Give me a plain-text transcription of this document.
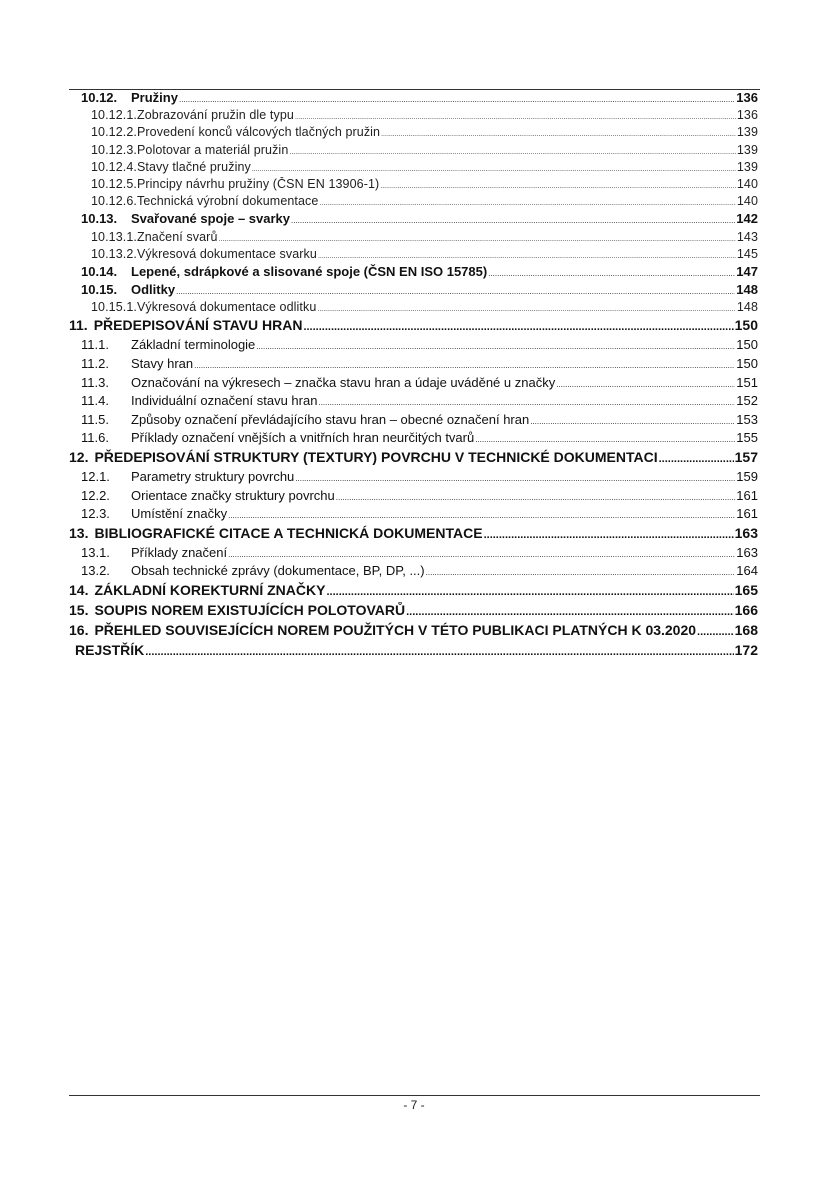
10.12.	Pružiny .....	136
10.12.1. Zobrazování pružin dle typu .....	136
10.12.2. Provedení konců válcových tlačných pružin .....	139
10.12.3. Polotovar a materiál pružin .....	139
10.12.4. Stavy tlačné pružiny .....	139
10.12.5. Principy návrhu pružiny (ČSN EN 13906-1) .....	140
10.12.6. Technická výrobní dokumentace .....	140
10.13.	Svařované spoje – svarky .....	142
10.13.1. Značení svarů .....	143
10.13.2. Výkresová dokumentace svarku .....	145
10.14.	Lepené, sdrápkové a slisované spoje (ČSN EN ISO 15785) .....	147
10.15.	Odlitky .....	148
10.15.1. Výkresová dokumentace odlitku .....	148
11. PŘEDEPISOVÁNÍ STAVU HRAN .....	150
11.1.	Základní terminologie .....	150
11.2.	Stavy hran .....	150
11.3.	Označování na výkresech – značka stavu hran a údaje uváděné u značky .....	151
11.4.	Individuální označení stavu hran .....	152
11.5.	Způsoby označení převládajícího stavu hran – obecné označení hran .....	153
11.6.	Příklady označení vnějších a vnitřních hran neurčitých tvarů .....	155
12. PŘEDEPISOVÁNÍ STRUKTURY (TEXTURY) POVRCHU V TECHNICKÉ DOKUMENTACI .....	157
12.1.	Parametry struktury povrchu .....	159
12.2.	Orientace značky struktury povrchu .....	161
12.3.	Umístění značky .....	161
13. BIBLIOGRAFICKÉ CITACE A TECHNICKÁ DOKUMENTACE .....	163
13.1.	Příklady značení .....	163
13.2.	Obsah technické zprávy (dokumentace, BP, DP, ...) .....	164
14. ZÁKLADNÍ KOREKTURNÍ ZNAČKY .....	165
15. SOUPIS NOREM EXISTUJÍCÍCH POLOTOVARŮ .....	166
16. PŘEHLED SOUVISEJÍCÍCH NOREM POUŽITÝCH V TÉTO PUBLIKACI PLATNÝCH K 03.2020 .....	168
REJSTŘÍK .....	172
- 7 -
